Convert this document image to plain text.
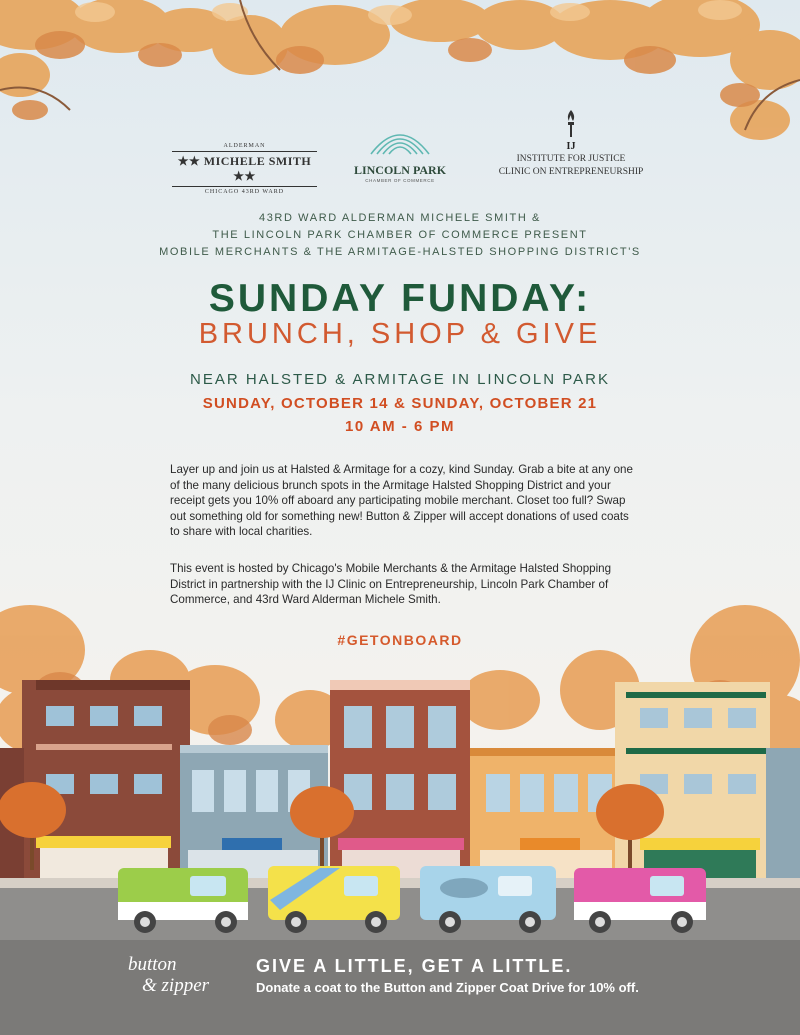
ALDERMAN
★★ MICHELE SMITH ★★
CHICAGO 43RD WARD
LINCOLN PARK
CHAMBER OF COMMERCE
IJ
INSTITUTE FOR JUSTICE
CLINIC ON ENTREPRENEURSHIP
43RD WARD ALDERMAN MICHELE SMITH &
THE LINCOLN PARK CHAMBER OF COMMERCE PRESENT
MOBILE MERCHANTS & THE ARMITAGE-HALSTED SHOPPING DISTRICT'S
SUNDAY FUNDAY:
BRUNCH, SHOP & GIVE
NEAR HALSTED & ARMITAGE IN LINCOLN PARK
SUNDAY, OCTOBER 14 & SUNDAY, OCTOBER 21
10 AM - 6 PM

Layer up and join us at Halsted & Armitage for a cozy, kind Sunday. Grab a bite at any one of the many delicious brunch spots in the Armitage Halsted Shopping District and your receipt gets you 10% off aboard any participating mobile merchant. Closet too full? Swap out something old for something new! Button & Zipper will accept donations of used coats to share with local charities.

This event is hosted by Chicago's Mobile Merchants & the Armitage Halsted Shopping District in partnership with the IJ Clinic on Entrepreneurship, Lincoln Park Chamber of Commerce, and 43rd Ward Alderman Michele Smith.

#GETONBOARD
button
& zipper
GIVE A LITTLE, GET A LITTLE.
Donate a coat to the Button and Zipper Coat Drive for 10% off.
